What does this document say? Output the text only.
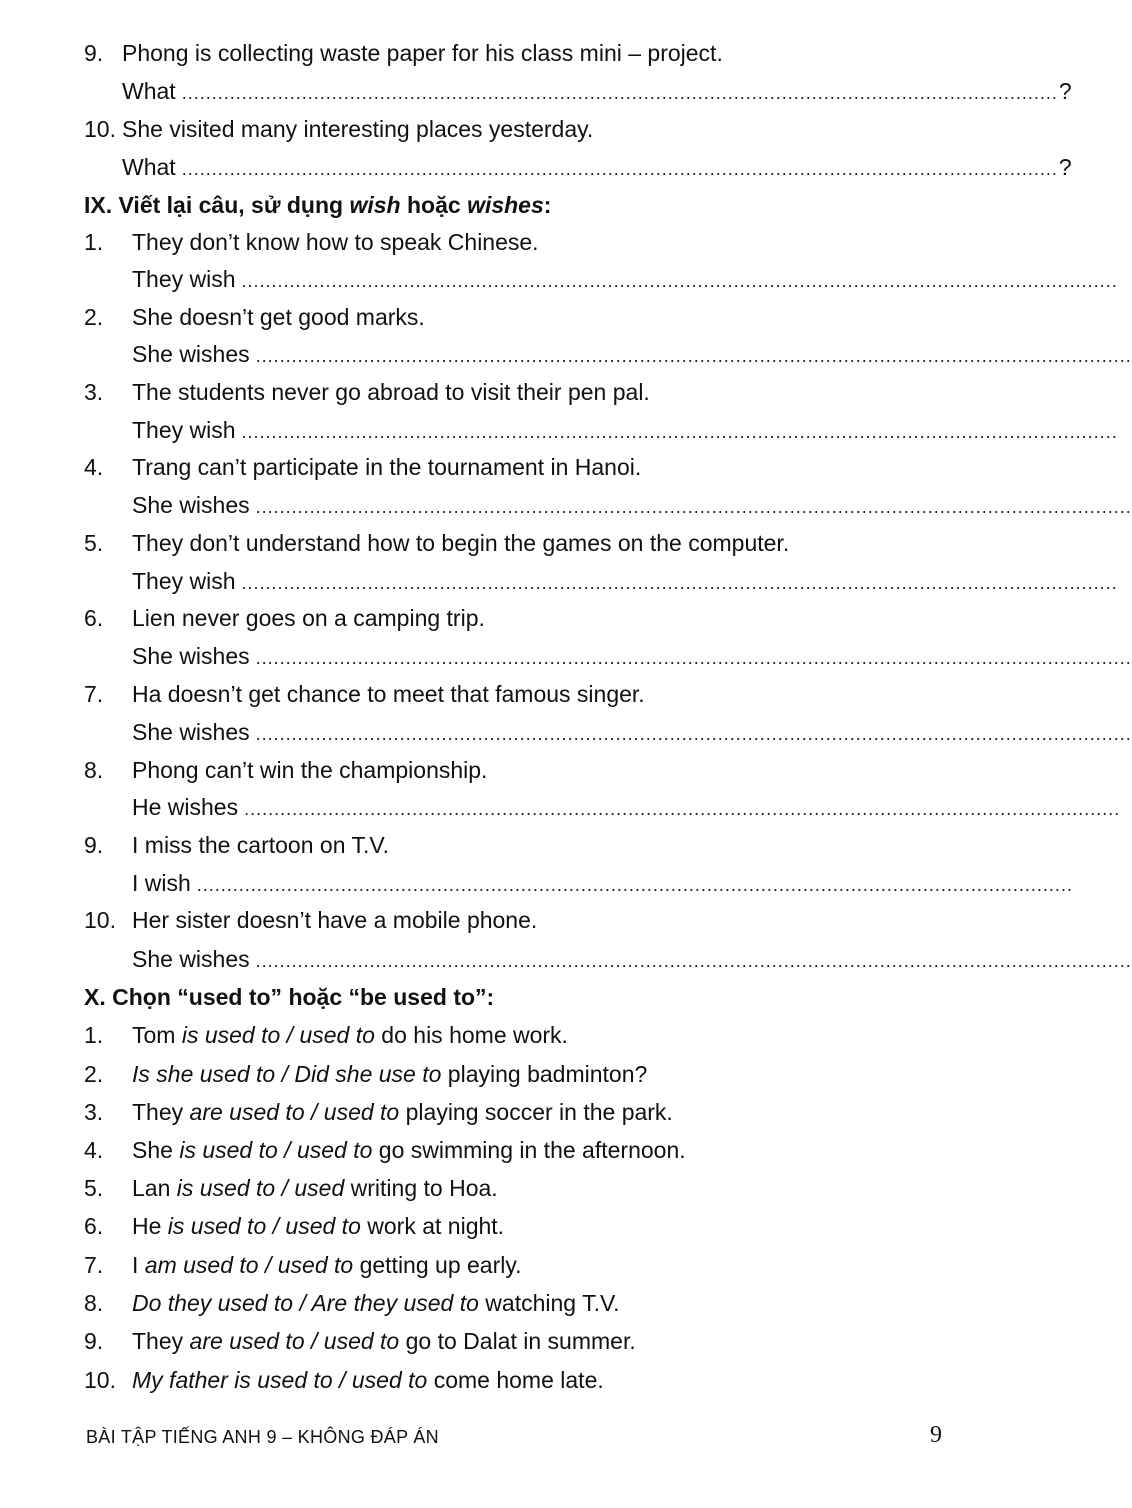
9. Phong is collecting waste paper for his class mini – project.
What .................................................................................................................................................. ?
10. She visited many interesting places yesterday.
What .................................................................................................................................................. ?
IX. Viết lại câu, sử dụng wish hoặc wishes:
1. They don’t know how to speak Chinese.
They wish ..................................................................................................................................................
2. She doesn’t get good marks.
She wishes ..................................................................................................................................................
3. The students never go abroad to visit their pen pal.
They wish ..................................................................................................................................................
4. Trang can’t participate in the tournament in Hanoi.
She wishes ..................................................................................................................................................
5. They don’t understand how to begin the games on the computer.
They wish ..................................................................................................................................................
6. Lien never goes on a camping trip.
She wishes ..................................................................................................................................................
7. Ha doesn’t get chance to meet that famous singer.
She wishes ..................................................................................................................................................
8. Phong can’t win the championship.
He wishes ..................................................................................................................................................
9. I miss the cartoon on T.V.
I wish ..................................................................................................................................................
10. Her sister doesn’t have a mobile phone.
She wishes ..................................................................................................................................................
X. Chọn “used to” hoặc “be used to”:
1. Tom is used to / used to do his home work.
2. Is she used to / Did she use to playing badminton?
3. They are used to / used to playing soccer in the park.
4. She is used to / used to go swimming in the afternoon.
5. Lan is used to / used writing to Hoa.
6. He is used to / used to work at night.
7. I am used to / used to getting up early.
8. Do they used to / Are they used to watching T.V.
9. They are used to / used to go to Dalat in summer.
10. My father is used to / used to come home late.
BÀI TẬP TIẾNG ANH 9 – KHÔNG ĐÁP ÁN	9
